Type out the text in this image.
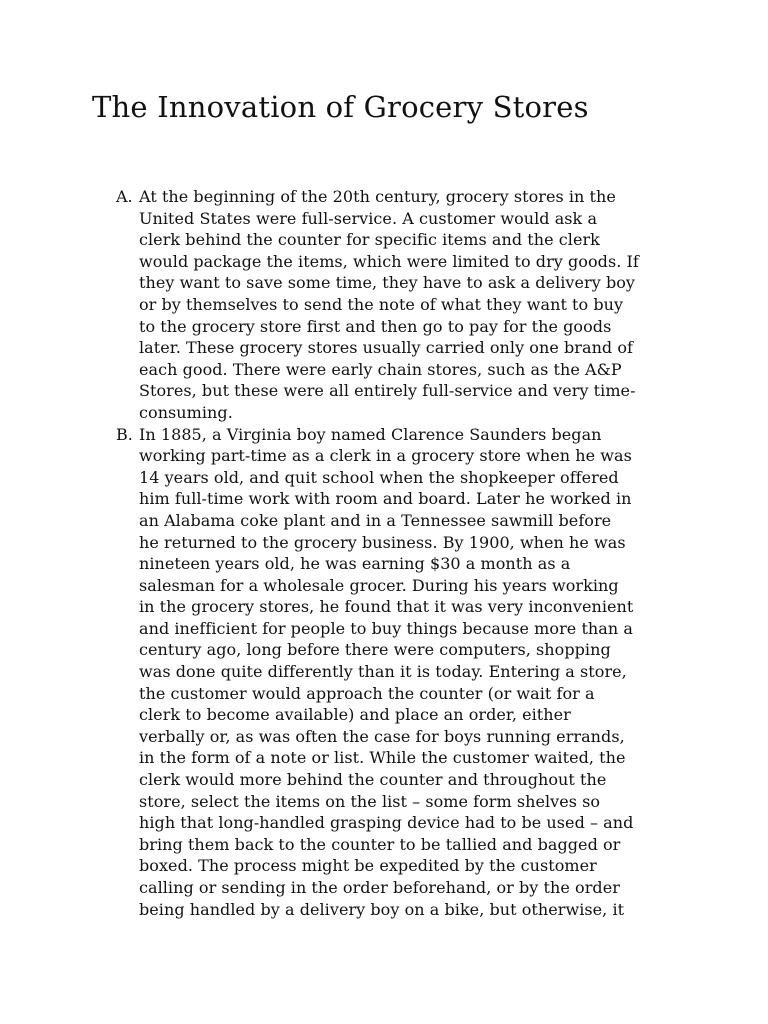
The Innovation of Grocery Stores
A. At the beginning of the 20th century, grocery stores in the
United States were full-service. A customer would ask a
clerk behind the counter for specific items and the clerk
would package the items, which were limited to dry goods. If
they want to save some time, they have to ask a delivery boy
or by themselves to send the note of what they want to buy
to the grocery store first and then go to pay for the goods
later. These grocery stores usually carried only one brand of
each good. There were early chain stores, such as the A&P
Stores, but these were all entirely full-service and very time-
consuming.
B. In 1885, a Virginia boy named Clarence Saunders began
working part-time as a clerk in a grocery store when he was
14 years old, and quit school when the shopkeeper offered
him full-time work with room and board. Later he worked in
an Alabama coke plant and in a Tennessee sawmill before
he returned to the grocery business. By 1900, when he was
nineteen years old, he was earning $30 a month as a
salesman for a wholesale grocer. During his years working
in the grocery stores, he found that it was very inconvenient
and inefficient for people to buy things because more than a
century ago, long before there were computers, shopping
was done quite differently than it is today. Entering a store,
the customer would approach the counter (or wait for a
clerk to become available) and place an order, either
verbally or, as was often the case for boys running errands,
in the form of a note or list. While the customer waited, the
clerk would more behind the counter and throughout the
store, select the items on the list – some form shelves so
high that long-handled grasping device had to be used – and
bring them back to the counter to be tallied and bagged or
boxed. The process might be expedited by the customer
calling or sending in the order beforehand, or by the order
being handled by a delivery boy on a bike, but otherwise, it
